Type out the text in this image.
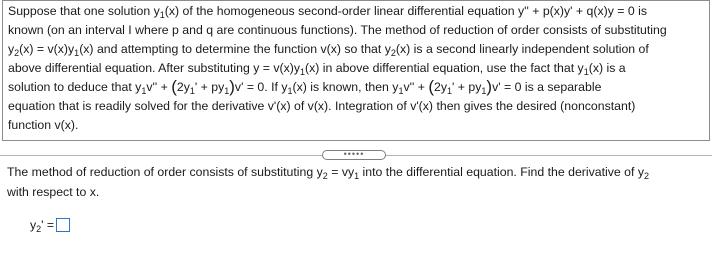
Suppose that one solution $y_1(x)$ of the homogeneous second-order linear differential equation y'' + p(x)y' + q(x)y = 0 is
known (on an interval I where p and q are continuous functions). The method of reduction of order consists of substituting
$y_2(x) = v(x)y_1(x)$ and attempting to determine the function v(x) so that $y_2(x)$ is a second linearly independent solution of
above differential equation. After substituting $y = v(x)y_1(x)$ in above differential equation, use the fact that $y_1(x)$ is a
solution to deduce that $y_1v'' + (2y_1' + py_1)v' = 0$. If $y_1(x)$ is known, then $y_1v'' + (2y_1' + py_1)v' = 0$ is a separable
equation that is readily solved for the derivative v'(x) of v(x). Integration of v'(x) then gives the desired (nonconstant)
function v(x).
•••••
The method of reduction of order consists of substituting $y_2 = vy_1$ into the differential equation. Find the derivative of $y_2$
with respect to x.
$y_2'$ =
